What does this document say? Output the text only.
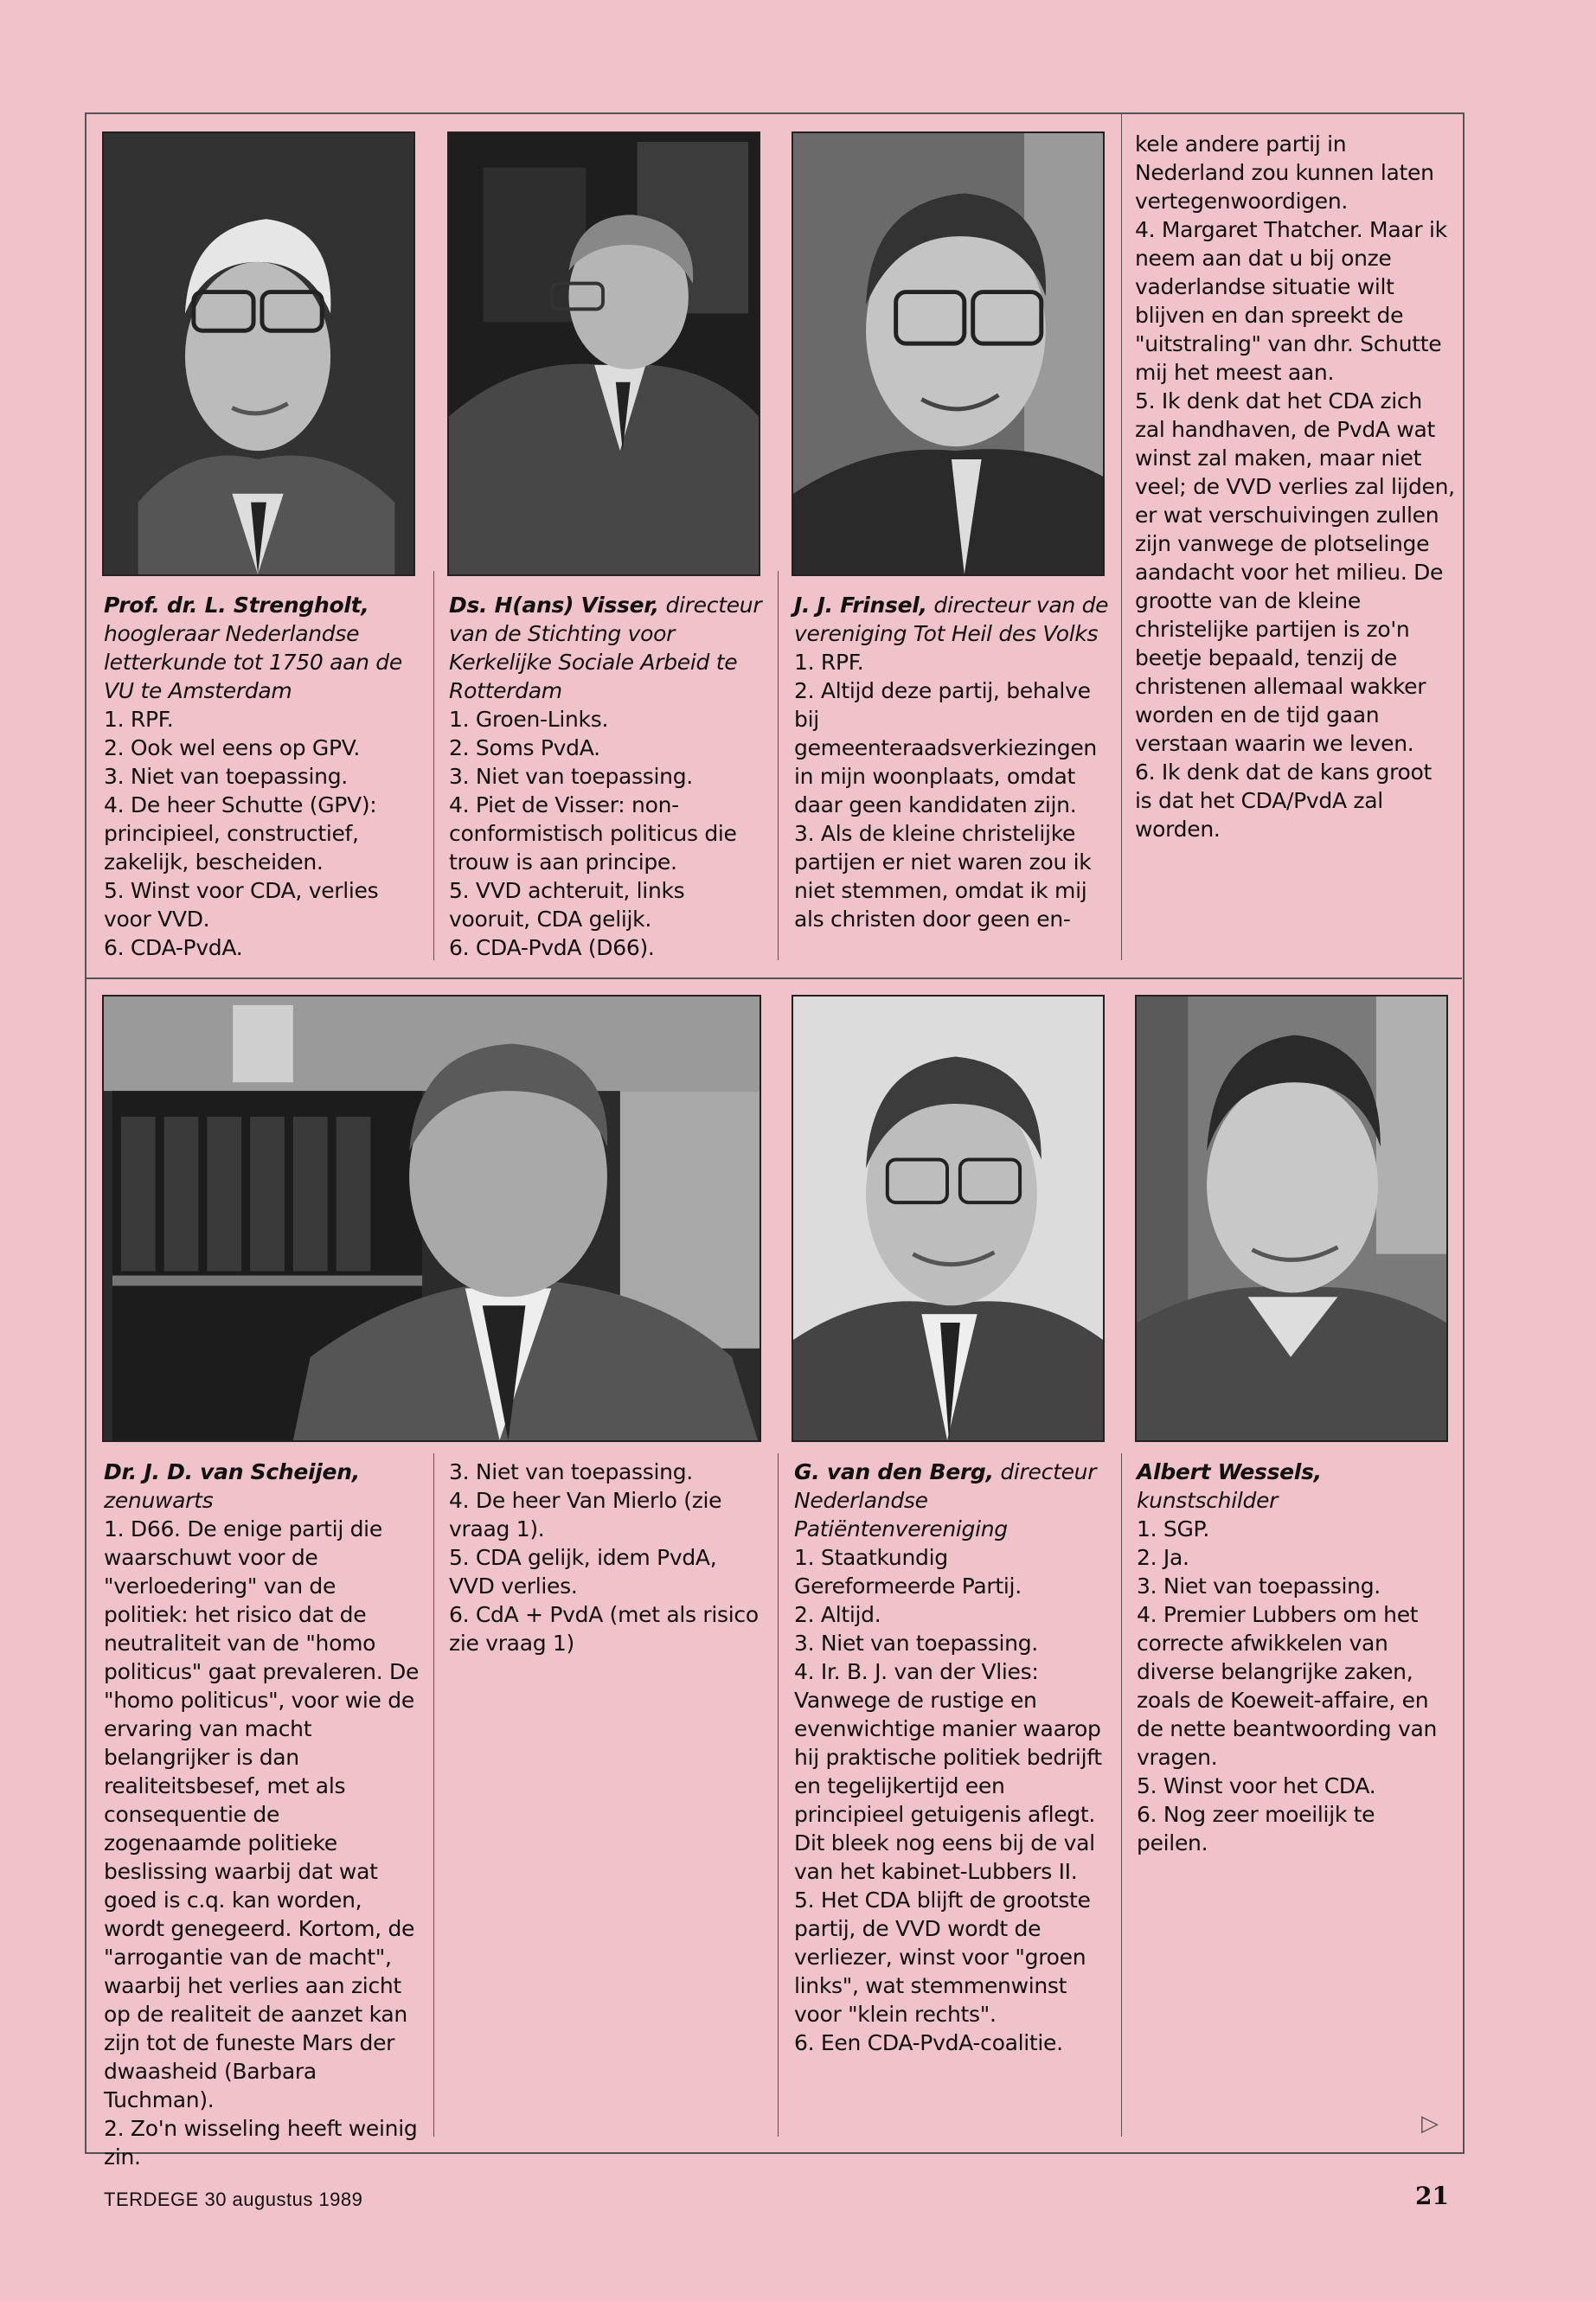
Prof. dr. L. Strengholt, hoogleraar Nederlandse letterkunde tot 1750 aan de VU te Amsterdam

1. RPF.

2. Ook wel eens op GPV.

3. Niet van toepassing.

4. De heer Schutte (GPV): principieel, constructief, zakelijk, bescheiden.

5. Winst voor CDA, verlies voor VVD.

6. CDA-PvdA.

Ds. H(ans) Visser, directeur van de Stichting voor Kerkelijke Sociale Arbeid te Rotterdam

1. Groen-Links.

2. Soms PvdA.

3. Niet van toepassing.

4. Piet de Visser: non-conformistisch politicus die trouw is aan principe.

5. VVD achteruit, links vooruit, CDA gelijk.

6. CDA-PvdA (D66).

J. J. Frinsel, directeur van de vereniging Tot Heil des Volks

1. RPF.

2. Altijd deze partij, behalve bij gemeenteraadsverkiezingen in mijn woonplaats, omdat daar geen kandidaten zijn.

3. Als de kleine christelijke partijen er niet waren zou ik niet stemmen, omdat ik mij als christen door geen en-

kele andere partij in Nederland zou kunnen laten vertegenwoordigen.

4. Margaret Thatcher. Maar ik neem aan dat u bij onze vaderlandse situatie wilt blijven en dan spreekt de "uitstraling" van dhr. Schutte mij het meest aan.

5. Ik denk dat het CDA zich zal handhaven, de PvdA wat winst zal maken, maar niet veel; de VVD verlies zal lijden, er wat verschuivingen zullen zijn vanwege de plotselinge aandacht voor het milieu. De grootte van de kleine christelijke partijen is zo'n beetje bepaald, tenzij de christenen allemaal wakker worden en de tijd gaan verstaan waarin we leven.

6. Ik denk dat de kans groot is dat het CDA/PvdA zal worden.

Dr. J. D. van Scheijen, zenuwarts

1. D66. De enige partij die waarschuwt voor de "verloedering" van de politiek: het risico dat de neutraliteit van de "homo politicus" gaat prevaleren. De "homo politicus", voor wie de ervaring van macht belangrijker is dan realiteitsbesef, met als consequentie de zogenaamde politieke beslissing waarbij dat wat goed is c.q. kan worden, wordt genegeerd. Kortom, de "arrogantie van de macht", waarbij het verlies aan zicht op de realiteit de aanzet kan zijn tot de funeste Mars der dwaasheid (Barbara Tuchman).

2. Zo'n wisseling heeft weinig zin.

3. Niet van toepassing.

4. De heer Van Mierlo (zie vraag 1).

5. CDA gelijk, idem PvdA, VVD verlies.

6. CdA + PvdA (met als risico zie vraag 1)

G. van den Berg, directeur Nederlandse Patiëntenvereniging

1. Staatkundig Gereformeerde Partij.

2. Altijd.

3. Niet van toepassing.

4. Ir. B. J. van der Vlies: Vanwege de rustige en evenwichtige manier waarop hij praktische politiek bedrijft en tegelijkertijd een principieel getuigenis aflegt. Dit bleek nog eens bij de val van het kabinet-Lubbers II.

5. Het CDA blijft de grootste partij, de VVD wordt de verliezer, winst voor "groen links", wat stemmenwinst voor "klein rechts".

6. Een CDA-PvdA-coalitie.

Albert Wessels, kunstschilder

1. SGP.

2. Ja.

3. Niet van toepassing.

4. Premier Lubbers om het correcte afwikkelen van diverse belangrijke zaken, zoals de Koeweit-affaire, en de nette beantwoording van vragen.

5. Winst voor het CDA.

6. Nog zeer moeilijk te peilen.

▷
TERDEGE 30 augustus 1989	21
